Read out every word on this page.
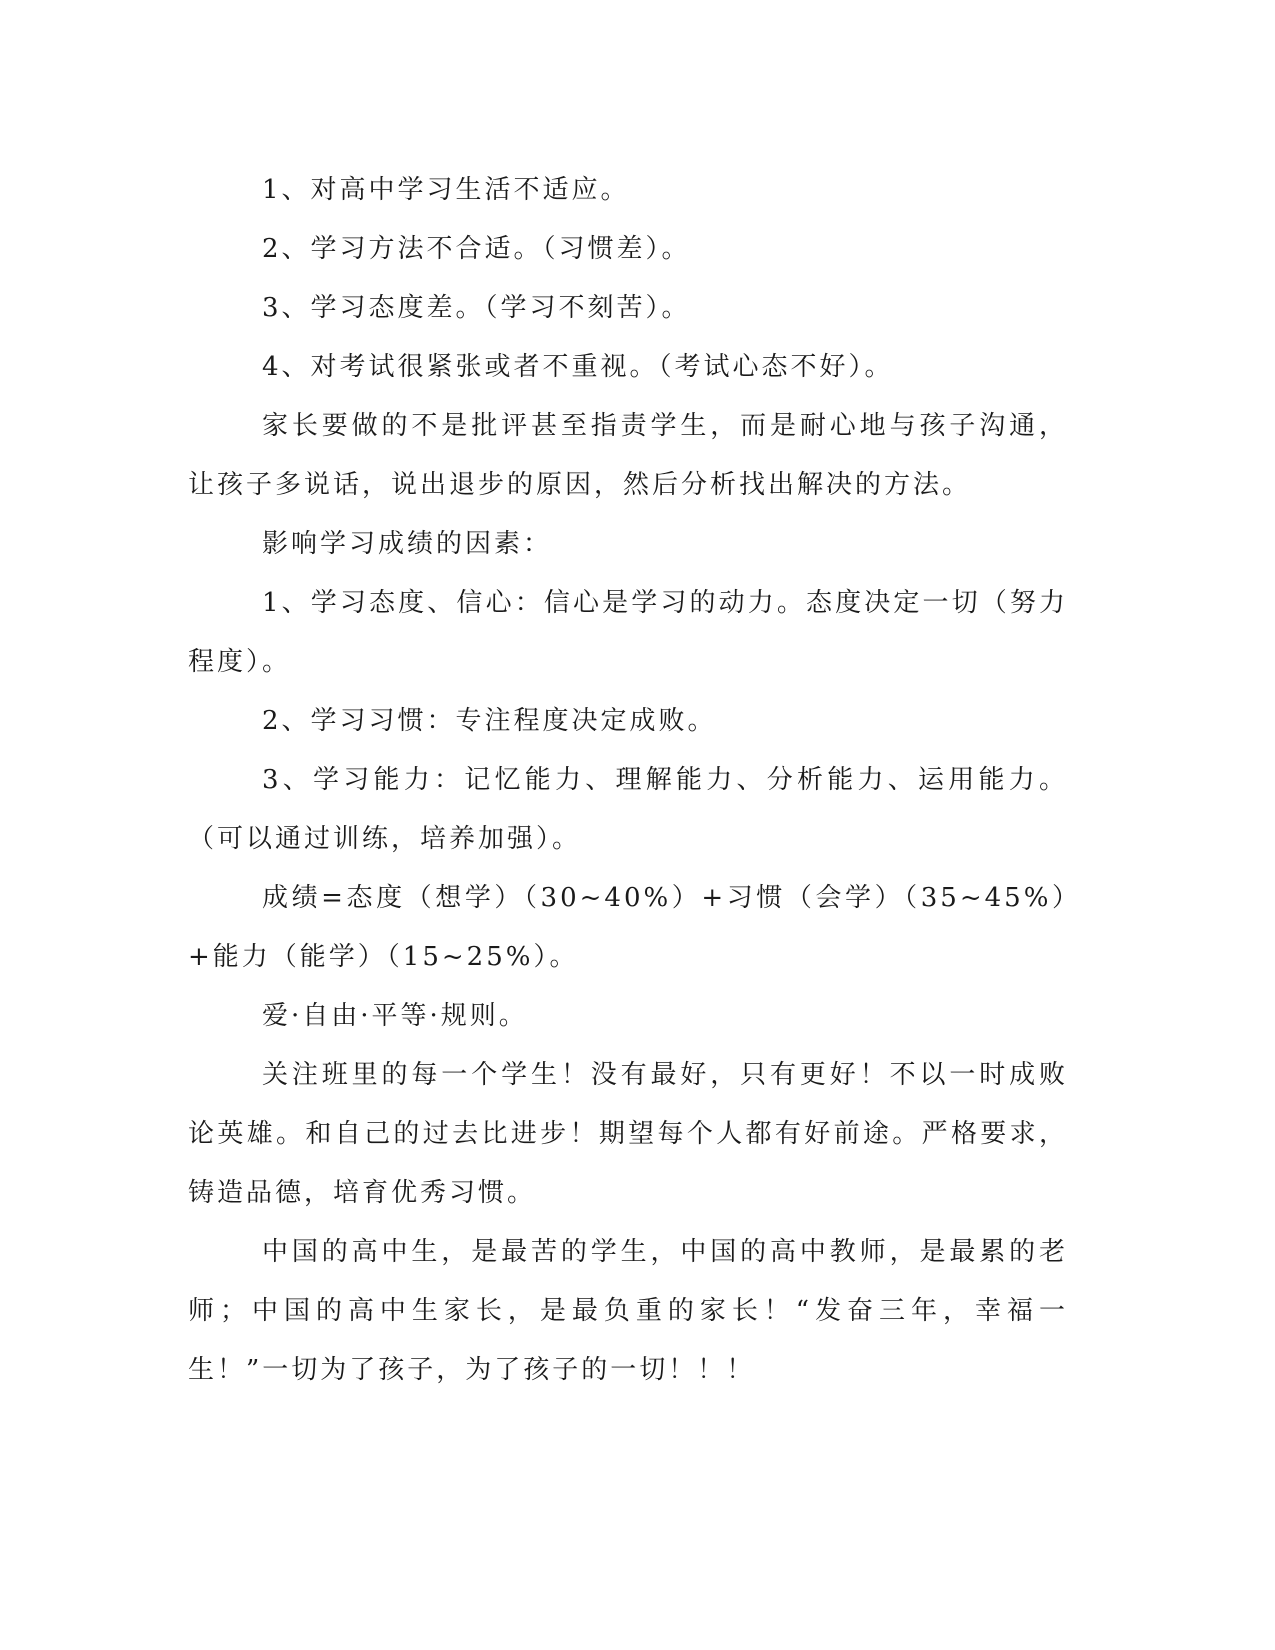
1、对高中学习生活不适应。

2、学习方法不合适。（习惯差）。

3、学习态度差。（学习不刻苦）。

4、对考试很紧张或者不重视。（考试心态不好）。

家长要做的不是批评甚至指责学生，而是耐心地与孩子沟通，让孩子多说话，说出退步的原因，然后分析找出解决的方法。

影响学习成绩的因素：

1、学习态度、信心：信心是学习的动力。态度决定一切（努力程度）。

2、学习习惯：专注程度决定成败。

3、学习能力：记忆能力、理解能力、分析能力、运用能力。（可以通过训练，培养加强）。

成绩=态度（想学）（30~40%）+习惯（会学）（35~45%）+能力（能学）（15~25%）。

爱·自由·平等·规则。

关注班里的每一个学生！没有最好，只有更好！不以一时成败论英雄。和自己的过去比进步！期望每个人都有好前途。严格要求，铸造品德，培育优秀习惯。

中国的高中生，是最苦的学生，中国的高中教师，是最累的老师；中国的高中生家长，是最负重的家长！“发奋三年，幸福一生！”一切为了孩子，为了孩子的一切！！！
